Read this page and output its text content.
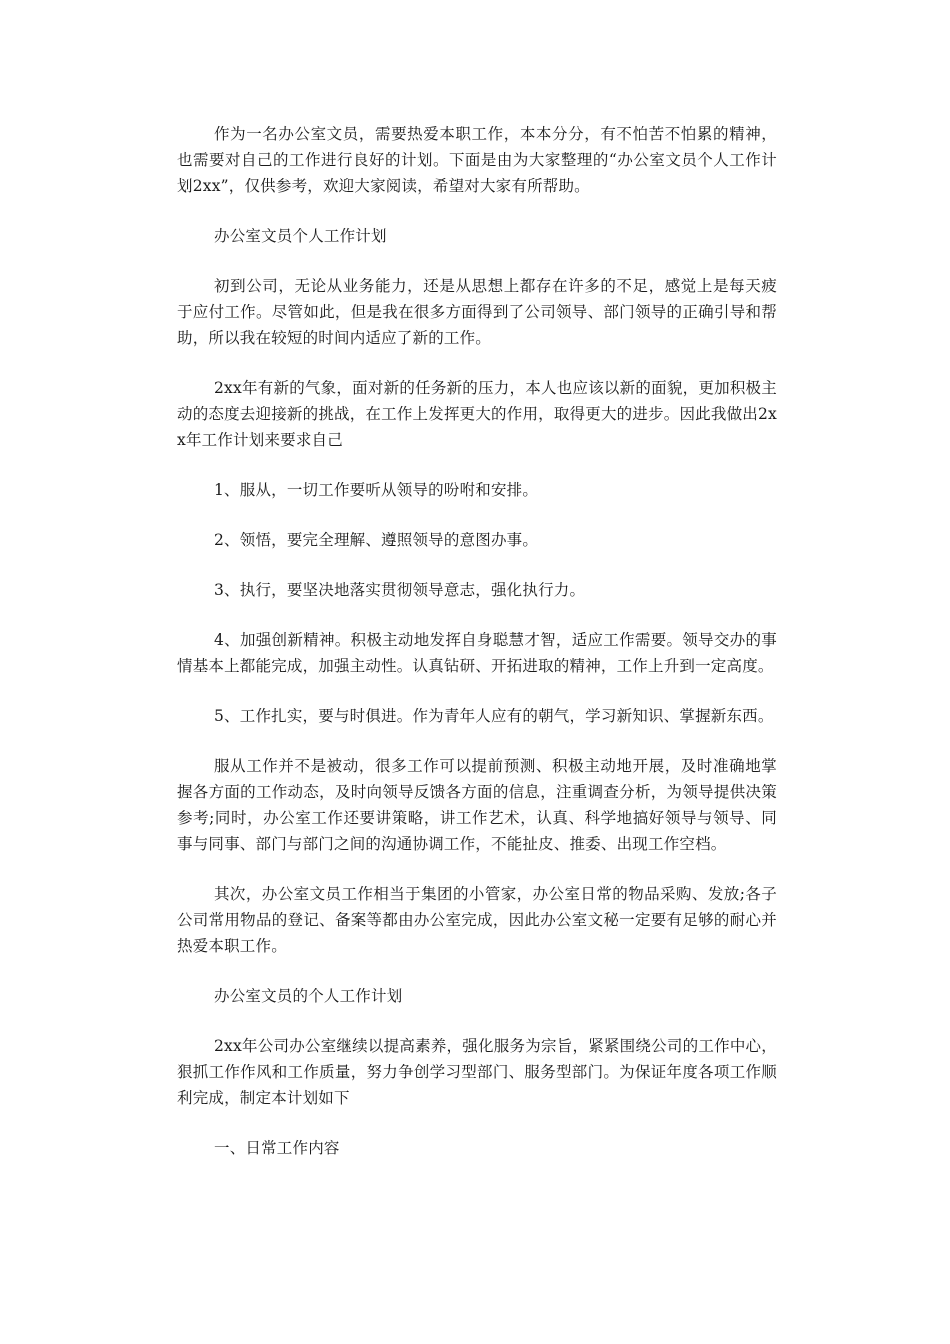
作为一名办公室文员，需要热爱本职工作，本本分分，有不怕苦不怕累的精神，也需要对自己的工作进行良好的计划。下面是由为大家整理的“办公室文员个人工作计划2xx”，仅供参考，欢迎大家阅读，希望对大家有所帮助。

办公室文员个人工作计划

初到公司，无论从业务能力，还是从思想上都存在许多的不足，感觉上是每天疲于应付工作。尽管如此，但是我在很多方面得到了公司领导、部门领导的正确引导和帮助，所以我在较短的时间内适应了新的工作。

2xx年有新的气象，面对新的任务新的压力，本人也应该以新的面貌，更加积极主动的态度去迎接新的挑战，在工作上发挥更大的作用，取得更大的进步。因此我做出2xx年工作计划来要求自己

1、服从，一切工作要听从领导的吩咐和安排。

2、领悟，要完全理解、遵照领导的意图办事。

3、执行，要坚决地落实贯彻领导意志，强化执行力。

4、加强创新精神。积极主动地发挥自身聪慧才智，适应工作需要。领导交办的事情基本上都能完成，加强主动性。认真钻研、开拓进取的精神，工作上升到一定高度。

5、工作扎实，要与时俱进。作为青年人应有的朝气，学习新知识、掌握新东西。

服从工作并不是被动，很多工作可以提前预测、积极主动地开展，及时准确地掌握各方面的工作动态，及时向领导反馈各方面的信息，注重调查分析，为领导提供决策参考;同时，办公室工作还要讲策略，讲工作艺术，认真、科学地搞好领导与领导、同事与同事、部门与部门之间的沟通协调工作，不能扯皮、推委、出现工作空档。

其次，办公室文员工作相当于集团的小管家，办公室日常的物品采购、发放;各子公司常用物品的登记、备案等都由办公室完成，因此办公室文秘一定要有足够的耐心并热爱本职工作。

办公室文员的个人工作计划

2xx年公司办公室继续以提高素养，强化服务为宗旨，紧紧围绕公司的工作中心，狠抓工作作风和工作质量，努力争创学习型部门、服务型部门。为保证年度各项工作顺利完成，制定本计划如下

一、日常工作内容
